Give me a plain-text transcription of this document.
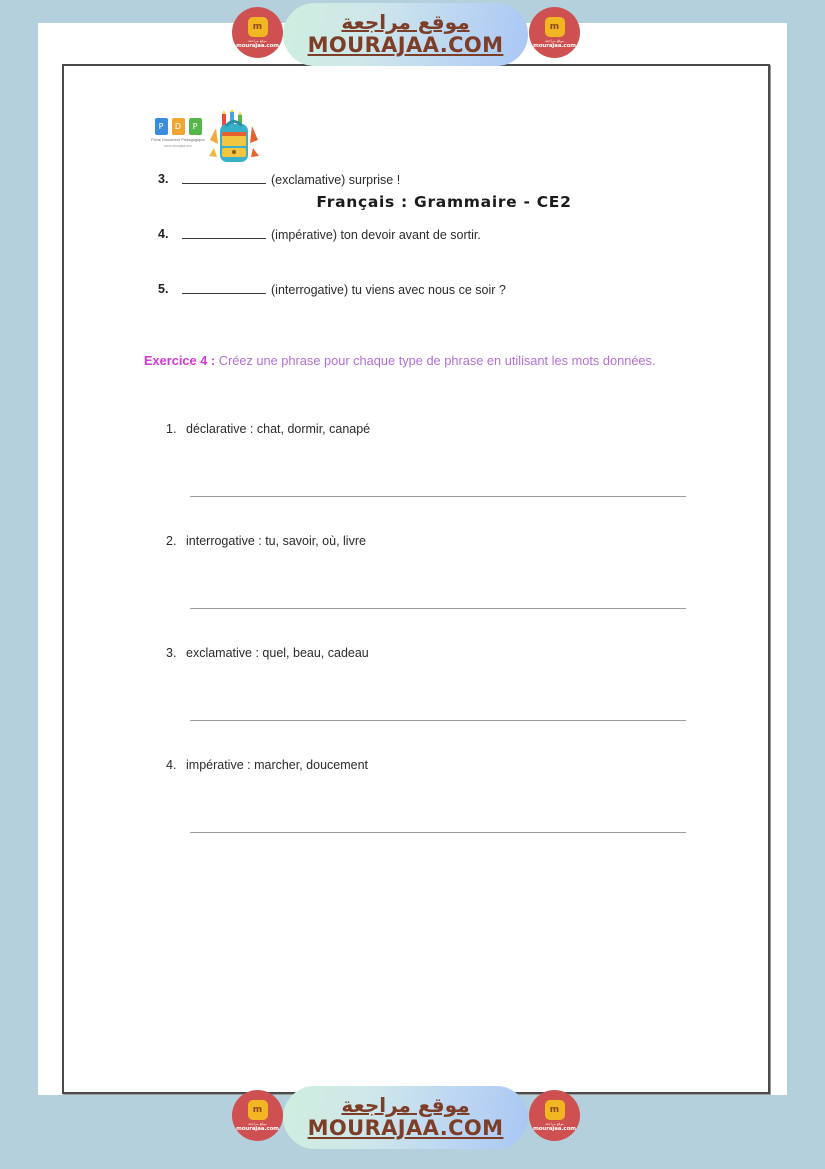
P	D	P
Fiche Document Pédagogique
www.mourajaa.com
Français : Grammaire - CE2
3.	(exclamative) surprise !
4.	(impérative) ton devoir avant de sortir.
5.	(interrogative) tu viens avec nous ce soir ?
Exercice 4 : Créez une phrase pour chaque type de phrase en utilisant les mots données.
1. déclarative : chat, dormir, canapé
2. interrogative : tu, savoir, où, livre
3. exclamative : quel, beau, cadeau
4. impérative : marcher, doucement
m
موقع مراجعة
mourajaa.com
موقع مراجعة
MOURAJAA.COM
m
موقع مراجعة
mourajaa.com
m
موقع مراجعة
mourajaa.com
موقع مراجعة
MOURAJAA.COM
m
موقع مراجعة
mourajaa.com
